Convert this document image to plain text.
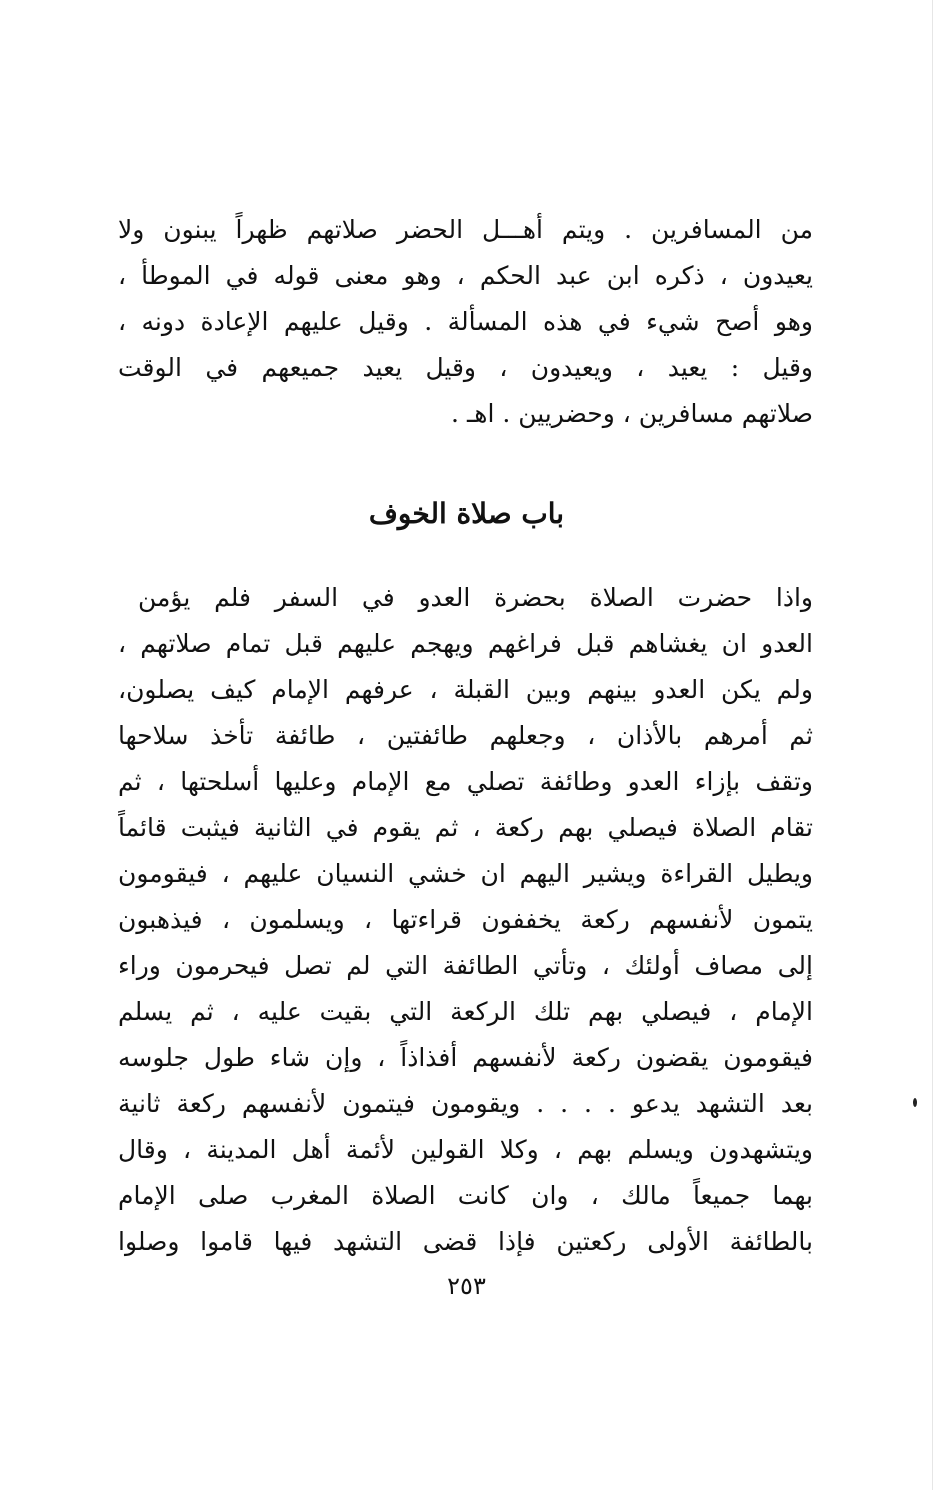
من المسافرين . ويتم أهـــل الحضر صلاتهم ظهراً يبنون ولا
يعيدون ، ذكره ابن عبد الحكم ، وهو معنى قوله في الموطأ ،
وهو أصح شيء في هذه المسألة . وقيل عليهم الإعادة دونه ،
وقيل : يعيد ، ويعيدون ، وقيل يعيد جميعهم في الوقت
صلاتهم مسافرين ، وحضريين . اهـ .
باب صلاة الخوف
واذا حضرت الصلاة بحضرة العدو في السفر فلم يؤمن
العدو ان يغشاهم قبل فراغهم ويهجم عليهم قبل تمام صلاتهم ،
ولم يكن العدو بينهم وبين القبلة ، عرفهم الإمام كيف يصلون،
ثم أمرهم بالأذان ، وجعلهم طائفتين ، طائفة تأخذ سلاحها
وتقف بإزاء العدو وطائفة تصلي مع الإمام وعليها أسلحتها ، ثم
تقام الصلاة فيصلي بهم ركعة ، ثم يقوم في الثانية فيثبت قائماً
ويطيل القراءة ويشير اليهم ان خشي النسيان عليهم ، فيقومون
يتمون لأنفسهم ركعة يخففون قراءتها ، ويسلمون ، فيذهبون
إلى مصاف أولئك ، وتأتي الطائفة التي لم تصل فيحرمون وراء
الإمام ، فيصلي بهم تلك الركعة التي بقيت عليه ، ثم يسلم
فيقومون يقضون ركعة لأنفسهم أفذاذاً ، وإن شاء طول جلوسه
بعد التشهد يدعو . . . . ويقومون فيتمون لأنفسهم ركعة ثانية
ويتشهدون ويسلم بهم ، وكلا القولين لأئمة أهل المدينة ، وقال
بهما جميعاً مالك ، وان كانت الصلاة المغرب صلى الإمام
بالطائفة الأولى ركعتين فإذا قضى التشهد فيها قاموا وصلوا
٢٥٣
